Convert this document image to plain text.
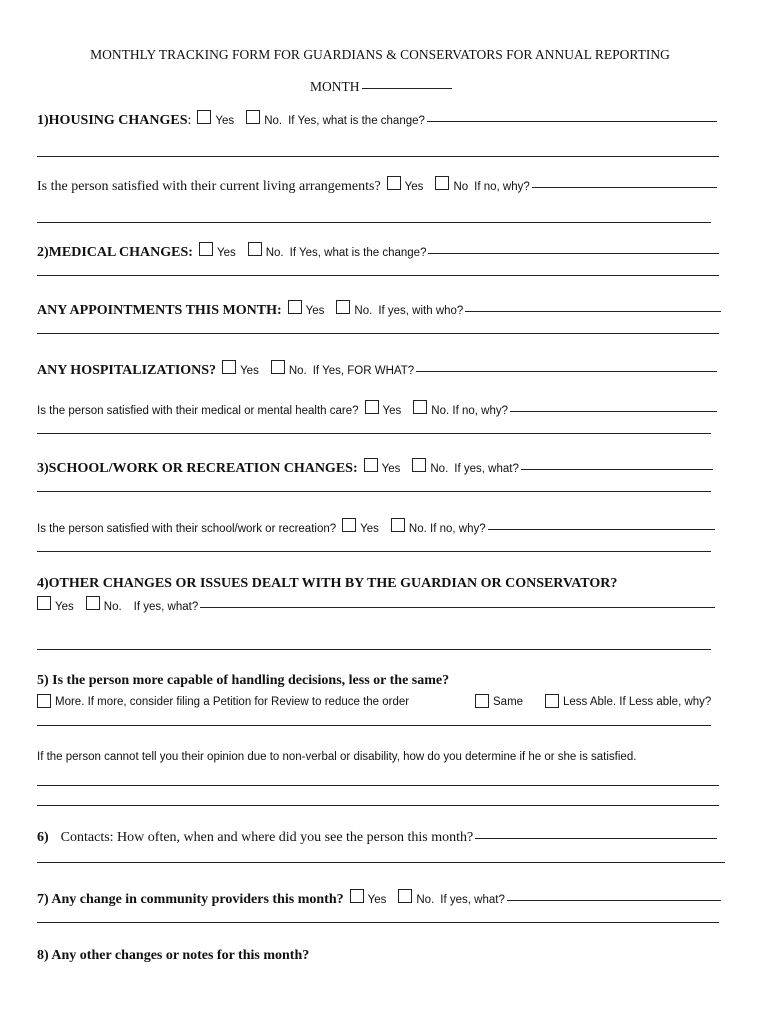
MONTHLY TRACKING FORM FOR GUARDIANS & CONSERVATORS FOR ANNUAL REPORTING
MONTH
1)HOUSING CHANGES : Yes	No. If Yes, what is the change?
Is the person satisfied with their current living arrangements? Yes	No If no, why?
2)MEDICAL CHANGES: Yes	No. If Yes, what is the change?
ANY APPOINTMENTS THIS MONTH: Yes	No. If yes, with who?
ANY HOSPITALIZATIONS? Yes	No. If Yes, FOR WHAT?
Is the person satisfied with their medical or mental health care? Yes	No. If no, why?
3)SCHOOL/WORK OR RECREATION CHANGES: Yes	No. If yes, what?
Is the person satisfied with their school/work or recreation? Yes	No. If no, why?
4)OTHER CHANGES OR ISSUES DEALT WITH BY THE GUARDIAN OR CONSERVATOR?
Yes	No. If yes, what?
5) Is the person more capable of handling decisions, less or the same?
More. If more, consider filing a Petition for Review to reduce the order	Same	Less Able. If Less able, why?
If the person cannot tell you their opinion due to non-verbal or disability, how do you determine if he or she is satisfied.
6) Contacts: How often, when and where did you see the person this month?
7) Any change in community providers this month? Yes	No. If yes, what?
8) Any other changes or notes for this month?
